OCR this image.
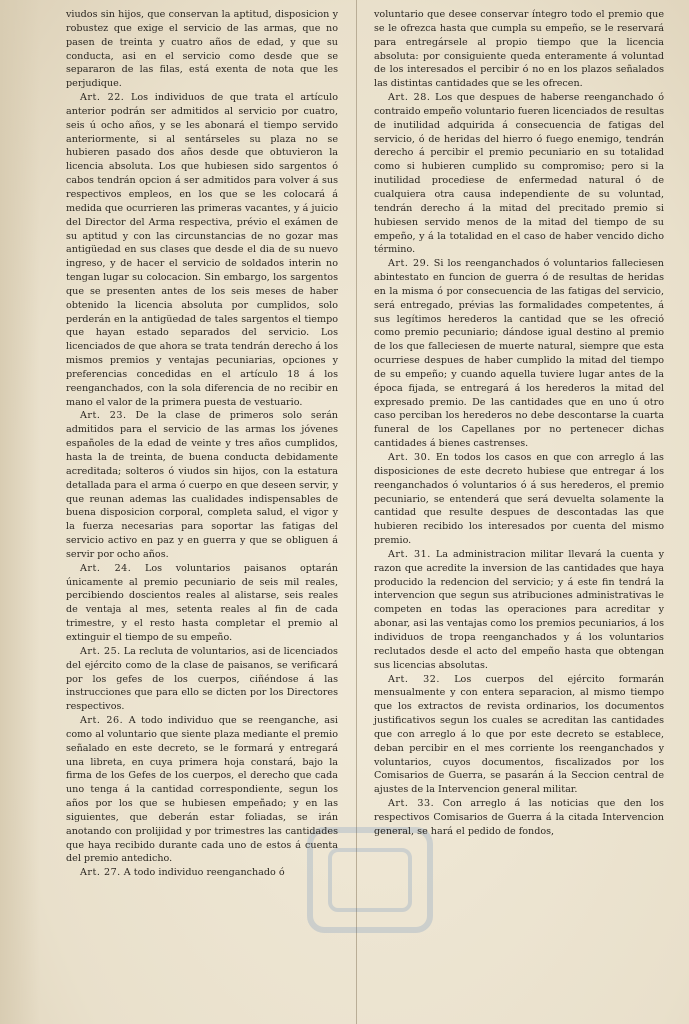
viudos sin hijos, que conservan la aptitud, disposicion y robustez que exige el servicio de las armas, que no pasen de treinta y cuatro años de edad, y que su conducta, asi en el servicio como desde que se separaron de las filas, está exenta de nota que les perjudique.

Art. 22. Los individuos de que trata el artículo anterior podrán ser admitidos al servicio por cuatro, seis ú ocho años, y se les abonará el tiempo servido anteriormente, si al sentárseles su plaza no se hubieren pasado dos años desde que obtuvieron la licencia absoluta. Los que hubiesen sido sargentos ó cabos tendrán opcion á ser admitidos para volver á sus respectivos empleos, en los que se les colocará á medida que ocurrieren las primeras vacantes, y á juicio del Director del Arma respectiva, prévio el exámen de su aptitud y con las circunstancias de no gozar mas antigüedad en sus clases que desde el dia de su nuevo ingreso, y de hacer el servicio de soldados interin no tengan lugar su colocacion. Sin embargo, los sargentos que se presenten antes de los seis meses de haber obtenido la licencia absoluta por cumplidos, solo perderán en la antigüedad de tales sargentos el tiempo que hayan estado separados del servicio. Los licenciados de que ahora se trata tendrán derecho á los mismos premios y ventajas pecuniarias, opciones y preferencias concedidas en el artículo 18 á los reenganchados, con la sola diferencia de no recibir en mano el valor de la primera puesta de vestuario.

Art. 23. De la clase de primeros solo serán admitidos para el servicio de las armas los jóvenes españoles de la edad de veinte y tres años cumplidos, hasta la de treinta, de buena conducta debidamente acreditada; solteros ó viudos sin hijos, con la estatura detallada para el arma ó cuerpo en que deseen servir, y que reunan ademas las cualidades indispensables de buena disposicion corporal, completa salud, el vigor y la fuerza necesarias para soportar las fatigas del servicio activo en paz y en guerra y que se obliguen á servir por ocho años.

Art. 24. Los voluntarios paisanos optarán únicamente al premio pecuniario de seis mil reales, percibiendo doscientos reales al alistarse, seis reales de ventaja al mes, setenta reales al fin de cada trimestre, y el resto hasta completar el premio al extinguir el tiempo de su empeño.

Art. 25. La recluta de voluntarios, asi de licenciados del ejército como de la clase de paisanos, se verificará por los gefes de los cuerpos, ciñéndose á las instrucciones que para ello se dicten por los Directores respectivos.

Art. 26. A todo individuo que se reenganche, asi como al voluntario que siente plaza mediante el premio señalado en este decreto, se le formará y entregará una libreta, en cuya primera hoja constará, bajo la firma de los Gefes de los cuerpos, el derecho que cada uno tenga á la cantidad correspondiente, segun los años por los que se hubiesen empeñado; y en las siguientes, que deberán estar foliadas, se irán anotando con prolijidad y por trimestres las cantidades que haya recibido durante cada uno de estos á cuenta del premio antedicho.

Art. 27. A todo individuo reenganchado ó

voluntario que desee conservar íntegro todo el premio que se le ofrezca hasta que cumpla su empeño, se le reservará para entregársele al propio tiempo que la licencia absoluta: por consiguiente queda enteramente á voluntad de los interesados el percibir ó no en los plazos señalados las distintas cantidades que se les ofrecen.

Art. 28. Los que despues de haberse reenganchado ó contraido empeño voluntario fueren licenciados de resultas de inutilidad adquirida á consecuencia de fatigas del servicio, ó de heridas del hierro ó fuego enemigo, tendrán derecho á percibir el premio pecuniario en su totalidad como si hubieren cumplido su compromiso; pero si la inutilidad procediese de enfermedad natural ó de cualquiera otra causa independiente de su voluntad, tendrán derecho á la mitad del precitado premio si hubiesen servido menos de la mitad del tiempo de su empeño, y á la totalidad en el caso de haber vencido dicho término.

Art. 29. Si los reenganchados ó voluntarios falleciesen abintestato en funcion de guerra ó de resultas de heridas en la misma ó por consecuencia de las fatigas del servicio, será entregado, prévias las formalidades competentes, á sus legítimos herederos la cantidad que se les ofreció como premio pecuniario; dándose igual destino al premio de los que falleciesen de muerte natural, siempre que esta ocurriese despues de haber cumplido la mitad del tiempo de su empeño; y cuando aquella tuviere lugar antes de la época fijada, se entregará á los herederos la mitad del expresado premio. De las cantidades que en uno ú otro caso perciban los herederos no debe descontarse la cuarta funeral de los Capellanes por no pertenecer dichas cantidades á bienes castrenses.

Art. 30. En todos los casos en que con arreglo á las disposiciones de este decreto hubiese que entregar á los reenganchados ó voluntarios ó á sus herederos, el premio pecuniario, se entenderá que será devuelta solamente la cantidad que resulte despues de descontadas las que hubieren recibido los interesados por cuenta del mismo premio.

Art. 31. La administracion militar llevará la cuenta y razon que acredite la inversion de las cantidades que haya producido la redencion del servicio; y á este fin tendrá la intervencion que segun sus atribuciones administrativas le competen en todas las operaciones para acreditar y abonar, asi las ventajas como los premios pecuniarios, á los individuos de tropa reenganchados y á los voluntarios reclutados desde el acto del empeño hasta que obtengan sus licencias absolutas.

Art. 32. Los cuerpos del ejército formarán mensualmente y con entera separacion, al mismo tiempo que los extractos de revista ordinarios, los documentos justificativos segun los cuales se acreditan las cantidades que con arreglo á lo que por este decreto se establece, deban percibir en el mes corriente los reenganchados y voluntarios, cuyos documentos, fiscalizados por los Comisarios de Guerra, se pasarán á la Seccion central de ajustes de la Intervencion general militar.

Art. 33. Con arreglo á las noticias que den los respectivos Comisarios de Guerra á la citada Intervencion general, se hará el pedido de fondos,
